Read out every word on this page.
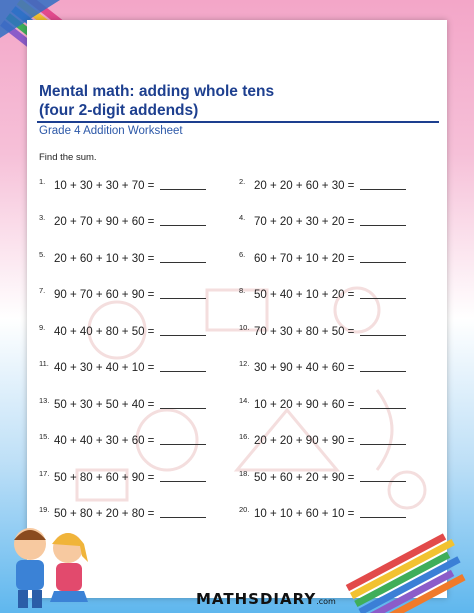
Mental math: adding whole tens
(four 2-digit addends)
Grade 4 Addition Worksheet
Find the sum.
1. 10 + 30 + 30 + 70 =	2. 20 + 20 + 60 + 30 =
3. 20 + 70 + 90 + 60 =	4. 70 + 20 + 30 + 20 =
5. 20 + 60 + 10 + 30 =	6. 60 + 70 + 10 + 20 =
7. 90 + 70 + 60 + 90 =	8. 50 + 40 + 10 + 20 =
9. 40 + 40 + 80 + 50 =	10. 70 + 30 + 80 + 50 =
11. 40 + 30 + 40 + 10 =	12. 30 + 90 + 40 + 60 =
13. 50 + 30 + 50 + 40 =	14. 10 + 20 + 90 + 60 =
15. 40 + 40 + 30 + 60 =	16. 20 + 20 + 90 + 90 =
17. 50 + 80 + 60 + 90 =	18. 50 + 60 + 20 + 90 =
19. 50 + 80 + 20 + 80 =	20. 10 + 10 + 60 + 10 =
MATHSDIARY.com
